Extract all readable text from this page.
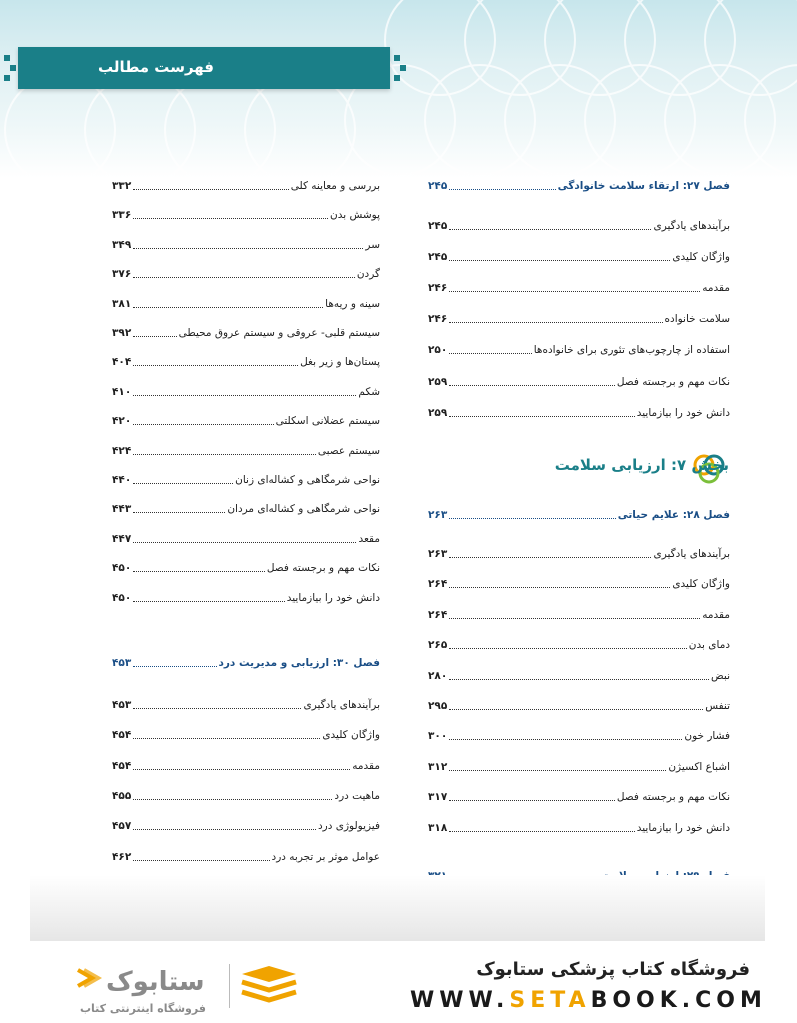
فهرست مطالب
بررسی و معاینه کلی
۳۳۲
پوشش بدن
۳۳۶
سر
۳۴۹
گردن
۳۷۶
سینه و ریه‌ها
۳۸۱
سیستم قلبی- عروقی و سیستم عروق محیطی
۳۹۲
پستان‌ها و زیر بغل
۴۰۴
شکم
۴۱۰
سیستم عضلانی اسکلتی
۴۲۰
سیستم عصبی
۴۲۴
نواحی شرمگاهی و کشاله‌ای زنان
۴۴۰
نواحی شرمگاهی و کشاله‌ای مردان
۴۴۳
مقعد
۴۴۷
نکات مهم و برجسته فصل
۴۵۰
دانش خود را بیازمایید
۴۵۰
فصل ۳۰: ارزیابی و مدیریت درد
۴۵۳
برآیندهای یادگیری
۴۵۳
واژگان کلیدی
۴۵۴
مقدمه
۴۵۴
ماهیت درد
۴۵۵
فیزیولوژی درد
۴۵۷
عوامل موثر بر تجربه درد
۴۶۲
فصل ۲۷: ارتقاء سلامت خانوادگی
۲۴۵
برآیندهای یادگیری
۲۴۵
واژگان کلیدی
۲۴۵
مقدمه
۲۴۶
سلامت خانواده
۲۴۶
استفاده از چارچوب‌های تئوری برای خانواده‌ها
۲۵۰
نکات مهم و برجسته فصل
۲۵۹
دانش خود را بیازمایید
۲۵۹
فصل ۲۸: علایم حیاتی
۲۶۳
برآیندهای یادگیری
۲۶۳
واژگان کلیدی
۲۶۴
مقدمه
۲۶۴
دمای بدن
۲۶۵
نبض
۲۸۰
تنفس
۲۹۵
فشار خون
۳۰۰
اشباع اکسیژن
۳۱۲
نکات مهم و برجسته فصل
۳۱۷
دانش خود را بیازمایید
۳۱۸
بخش ۷: ارزیابی سلامت
فروشگاه کتاب پزشکی ستابوک
WWW.SETABOOK.COM
ستابوک
فروشگاه اینترنتی کتاب
